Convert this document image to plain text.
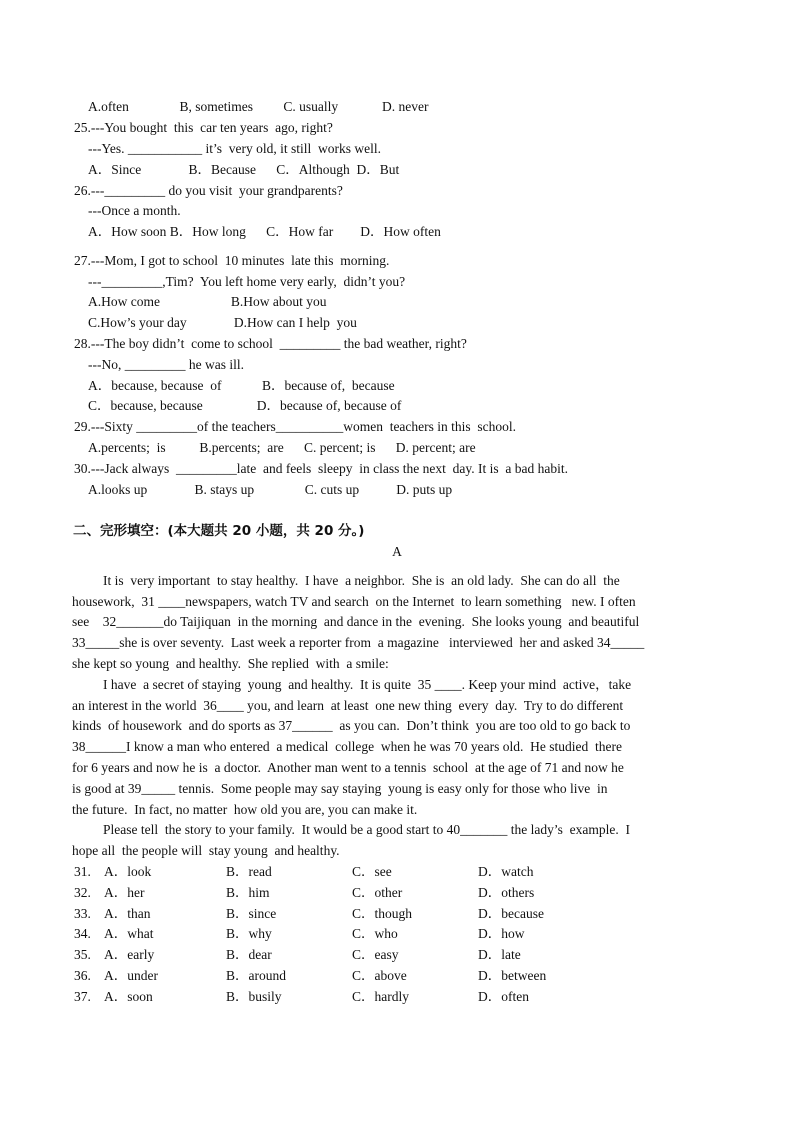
A.often               B, sometimes         C. usually             D. never
25.---You bought  this  car ten years  ago, right?
---Yes. ___________ it’s  very old, it still  works well.
A．Since              B．Because      C．Although  D．But
26.---_________ do you visit  your grandparents?
---Once a month.
A．How soon B．How long      C．How far        D．How often
27.---Mom, I got to school  10 minutes  late this  morning.
---_________,Tim?  You left home very early,  didn’t you?
A.How come                     B.How about you
C.How’s your day              D.How can I help  you
28.---The boy didn’t  come to school  _________ the bad weather, right?
---No, _________ he was ill.
A．because, because  of            B．because of,  because
C．because, because                D．because of, because of
29.---Sixty _________of the teachers__________women  teachers in this  school.
A.percents;  is          B.percents;  are      C. percent; is      D. percent; are
30.---Jack always  _________late  and feels  sleepy  in class the next  day. It is  a bad habit.
A.looks up              B. stays up               C. cuts up           D. puts up
二、完形填空：(本大题共 20 小题，共 20 分。)
A
It is  very important  to stay healthy.  I have  a neighbor.  She is  an old lady.  She can do all  the
housework,  31 ____newspapers, watch TV and search  on the Internet  to learn something   new. I often
see    32_______do Taijiquan  in the morning  and dance in the  evening.  She looks young  and beautiful
33_____she is over seventy.  Last week a reporter from  a magazine   interviewed  her and asked 34_____
she kept so young  and healthy.  She replied  with  a smile:
I have  a secret of staying  young  and healthy.  It is quite  35 ____. Keep your mind  active，take
an interest in the world  36____ you, and learn  at least  one new thing  every  day.  Try to do different
kinds  of housework  and do sports as 37______  as you can.  Don’t think  you are too old to go back to
38______I know a man who entered  a medical  college  when he was 70 years old.  He studied  there
for 6 years and now he is  a doctor.  Another man went to a tennis  school  at the age of 71 and now he
is good at 39_____ tennis.  Some people may say staying  young is easy only for those who live  in
the future.  In fact, no matter  how old you are, you can make it.
Please tell  the story to your family.  It would be a good start to 40_______ the lady’s  example.  I
hope all  the people will  stay young  and healthy.
31. A．look	B．read	C．see	D．watch
32. A．her	B．him	C．other	D．others
33. A．than	B．since	C．though	D．because
34. A．what	B．why	C．who	D．how
35. A．early	B．dear	C．easy	D．late
36. A．under	B．around	C．above	D．between
37. A．soon	B．busily	C．hardly	D．often
